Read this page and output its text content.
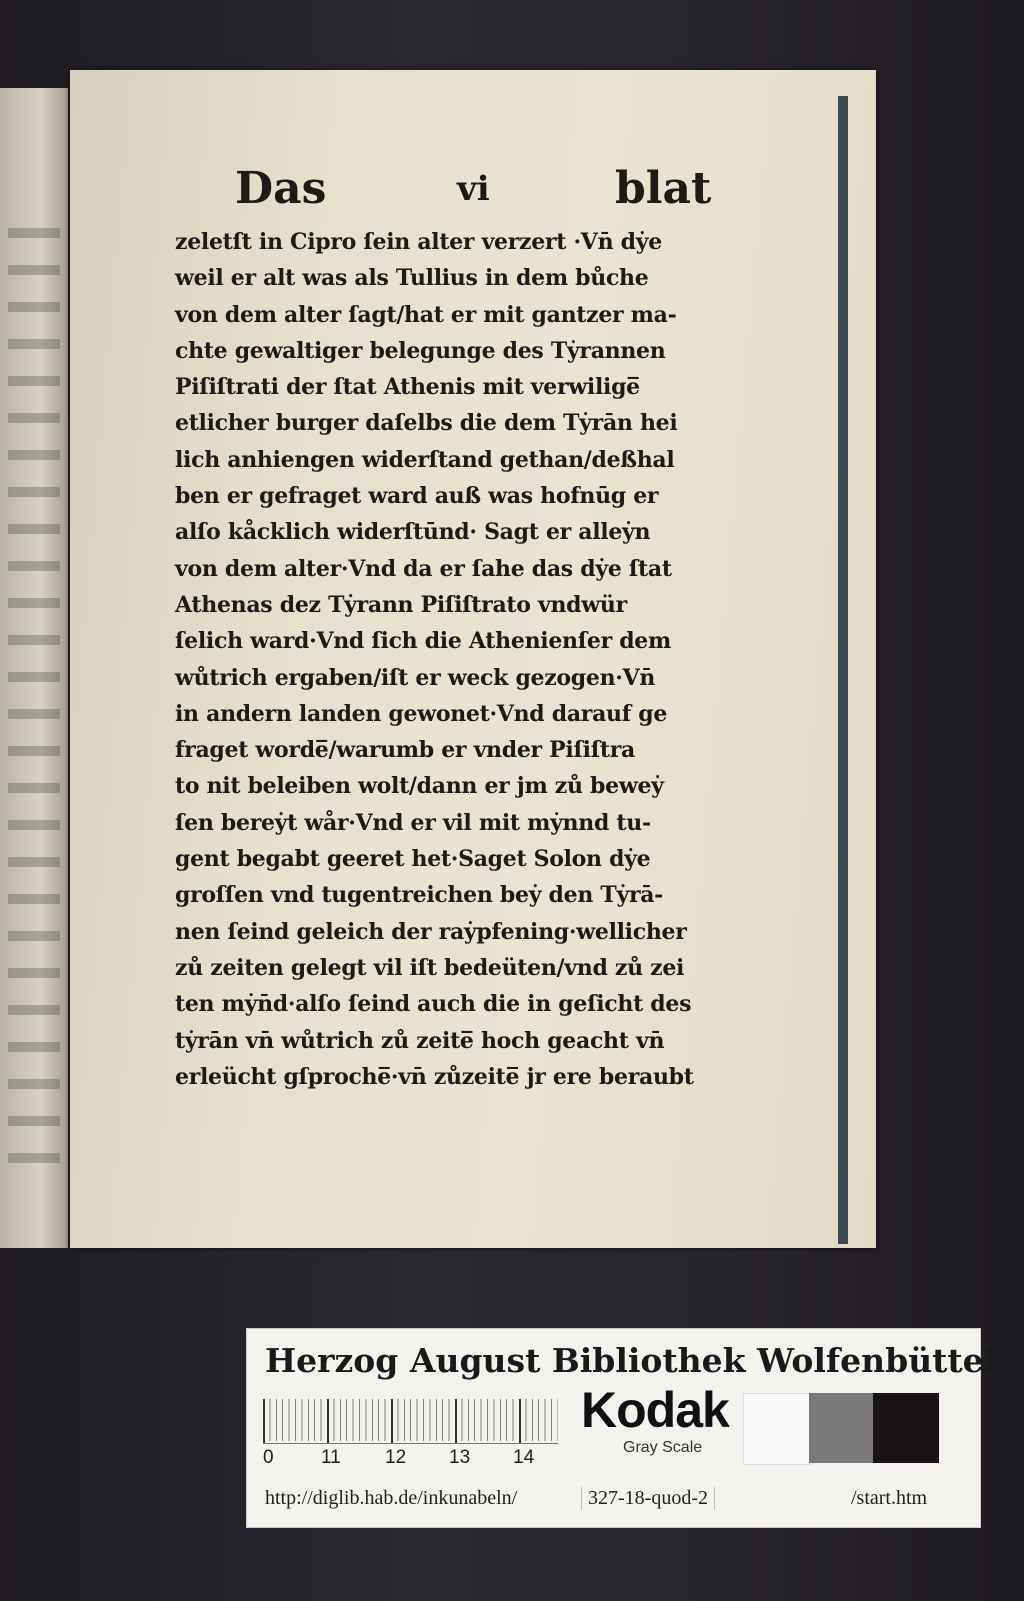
Das	vi	blat
zeletſt in Cipro ſein alter verzert ·Vn̄ dẏe
weil er alt was als Tullius in dem bůche
von dem alter ſagt/hat er mit gantzer ma-
chte gewaltiger belegunge des Tẏrannen
Piſiſtrati der ſtat Athenis mit verwilige̅
etlicher burger daſelbs die dem Tẏrān hei
lich anhiengen widerſtand gethan/deßhal
ben er gefraget ward auß was hofnūg er
alſo kåcklich widerſtūnd· Sagt er alleẏn
von dem alter·Vnd da er ſahe das dẏe ſtat
Athenas dez Tẏrann Piſiſtrato vndwür
ſelich ward·Vnd ſich die Athenienſer dem
wůtrich ergaben/iſt er weck gezogen·Vn̄
in andern landen gewonet·Vnd darauf ge
fraget worde̅/warumb er vnder Piſiſtra
to nit beleiben wolt/dann er jm zů beweẏ
ſen bereẏt wår·Vnd er vil mit mẏnnd tu-
gent begabt geeret het·Saget Solon dẏe
groſſen vnd tugentreichen beẏ den Tẏrā-
nen ſeind geleich der raẏpfening·wellicher
zů zeiten gelegt vil iſt bedeüten/vnd zů zei
ten mẏn̄d·alſo ſeind auch die in geſicht des
tẏrān vn̄ wůtrich zů zeite̅ hoch geacht vn̄
erleücht gſproche̅·vn̄ zůzeite̅ jr ere beraubt
Herzog August Bibliothek Wolfenbüttel
0 11 12 13 14
Kodak
Gray Scale
http://diglib.hab.de/inkunabeln/	327-18-quod-2	/start.htm
